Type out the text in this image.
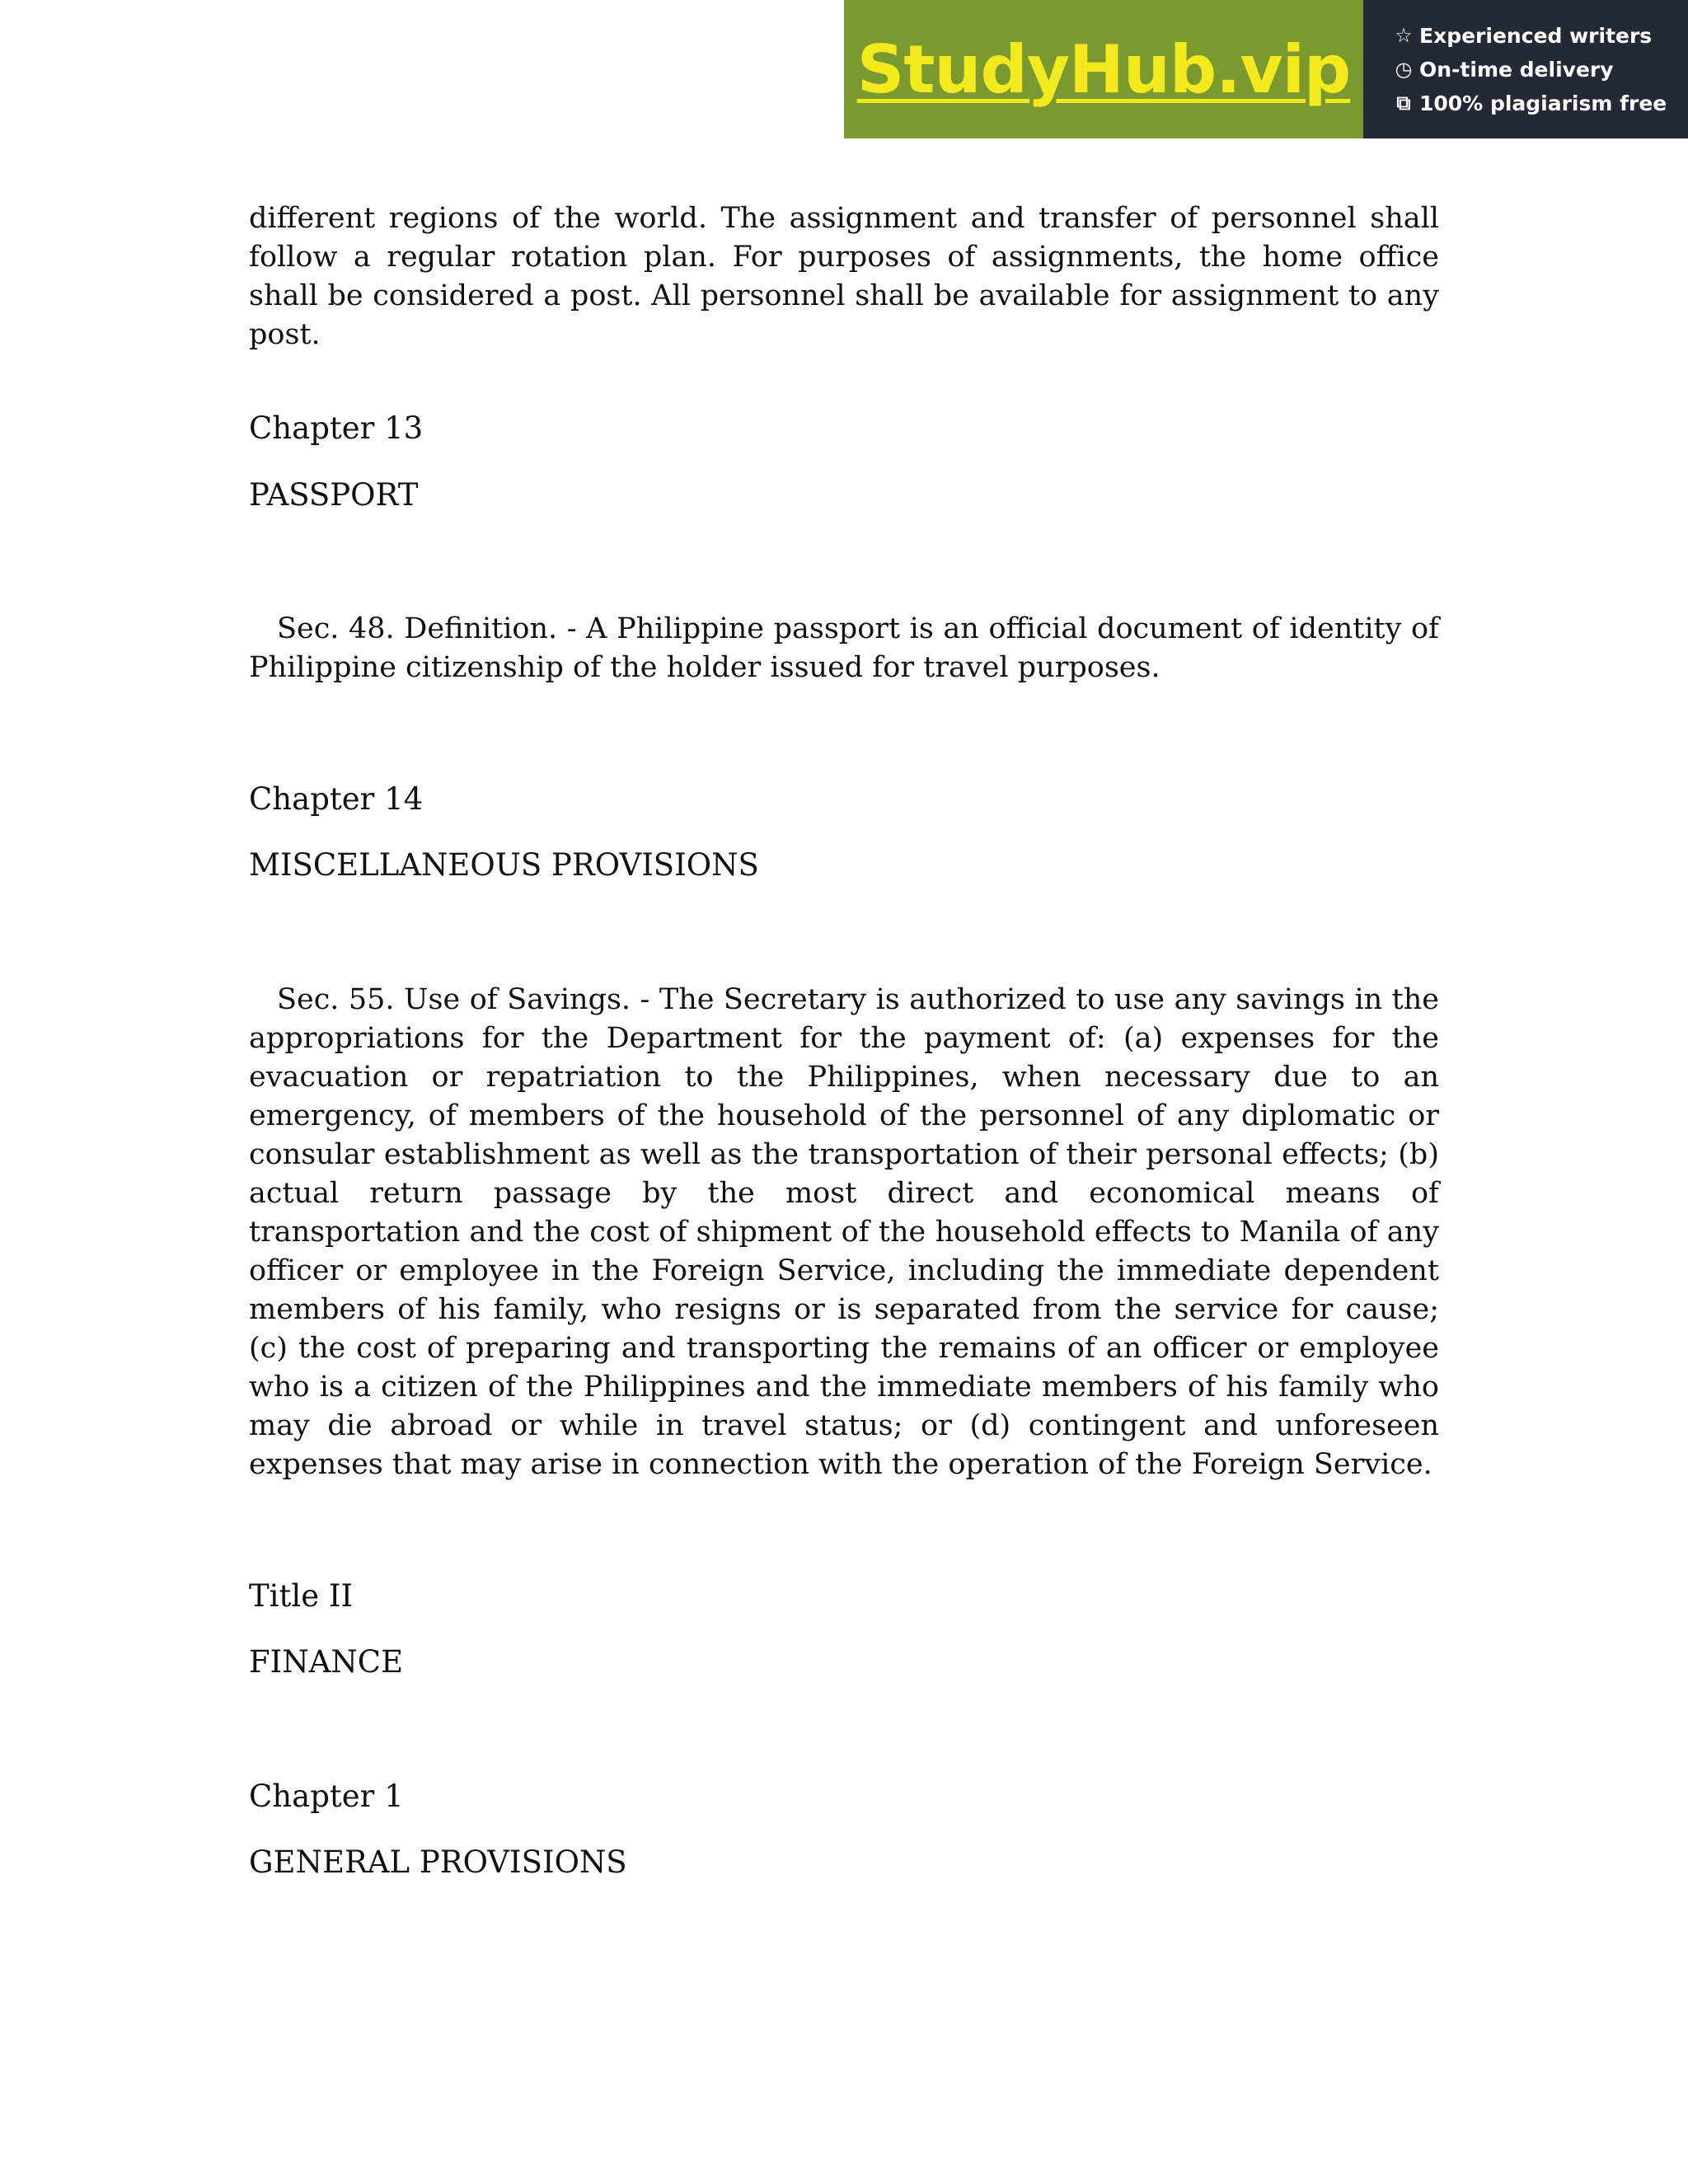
StudyHub.vip ☆ Experienced writers
◷ On-time delivery
⧉ 100% plagiarism free

different regions of the world. The assignment and transfer of personnel shall follow a regular rotation plan. For purposes of assignments, the home office shall be considered a post. All personnel shall be available for assignment to any post.

Chapter 13

PASSPORT

Sec. 48. Definition. - A Philippine passport is an official document of identity of Philippine citizenship of the holder issued for travel purposes.

Chapter 14

MISCELLANEOUS PROVISIONS

Sec. 55. Use of Savings. - The Secretary is authorized to use any savings in the appropriations for the Department for the payment of: (a) expenses for the evacuation or repatriation to the Philippines, when necessary due to an emergency, of members of the household of the personnel of any diplomatic or consular establishment as well as the transportation of their personal effects; (b) actual return passage by the most direct and economical means of transportation and the cost of shipment of the household effects to Manila of any officer or employee in the Foreign Service, including the immediate dependent members of his family, who resigns or is separated from the service for cause; (c) the cost of preparing and transporting the remains of an officer or employee who is a citizen of the Philippines and the immediate members of his family who may die abroad or while in travel status; or (d) contingent and unforeseen expenses that may arise in connection with the operation of the Foreign Service.

Title II

FINANCE

Chapter 1

GENERAL PROVISIONS
